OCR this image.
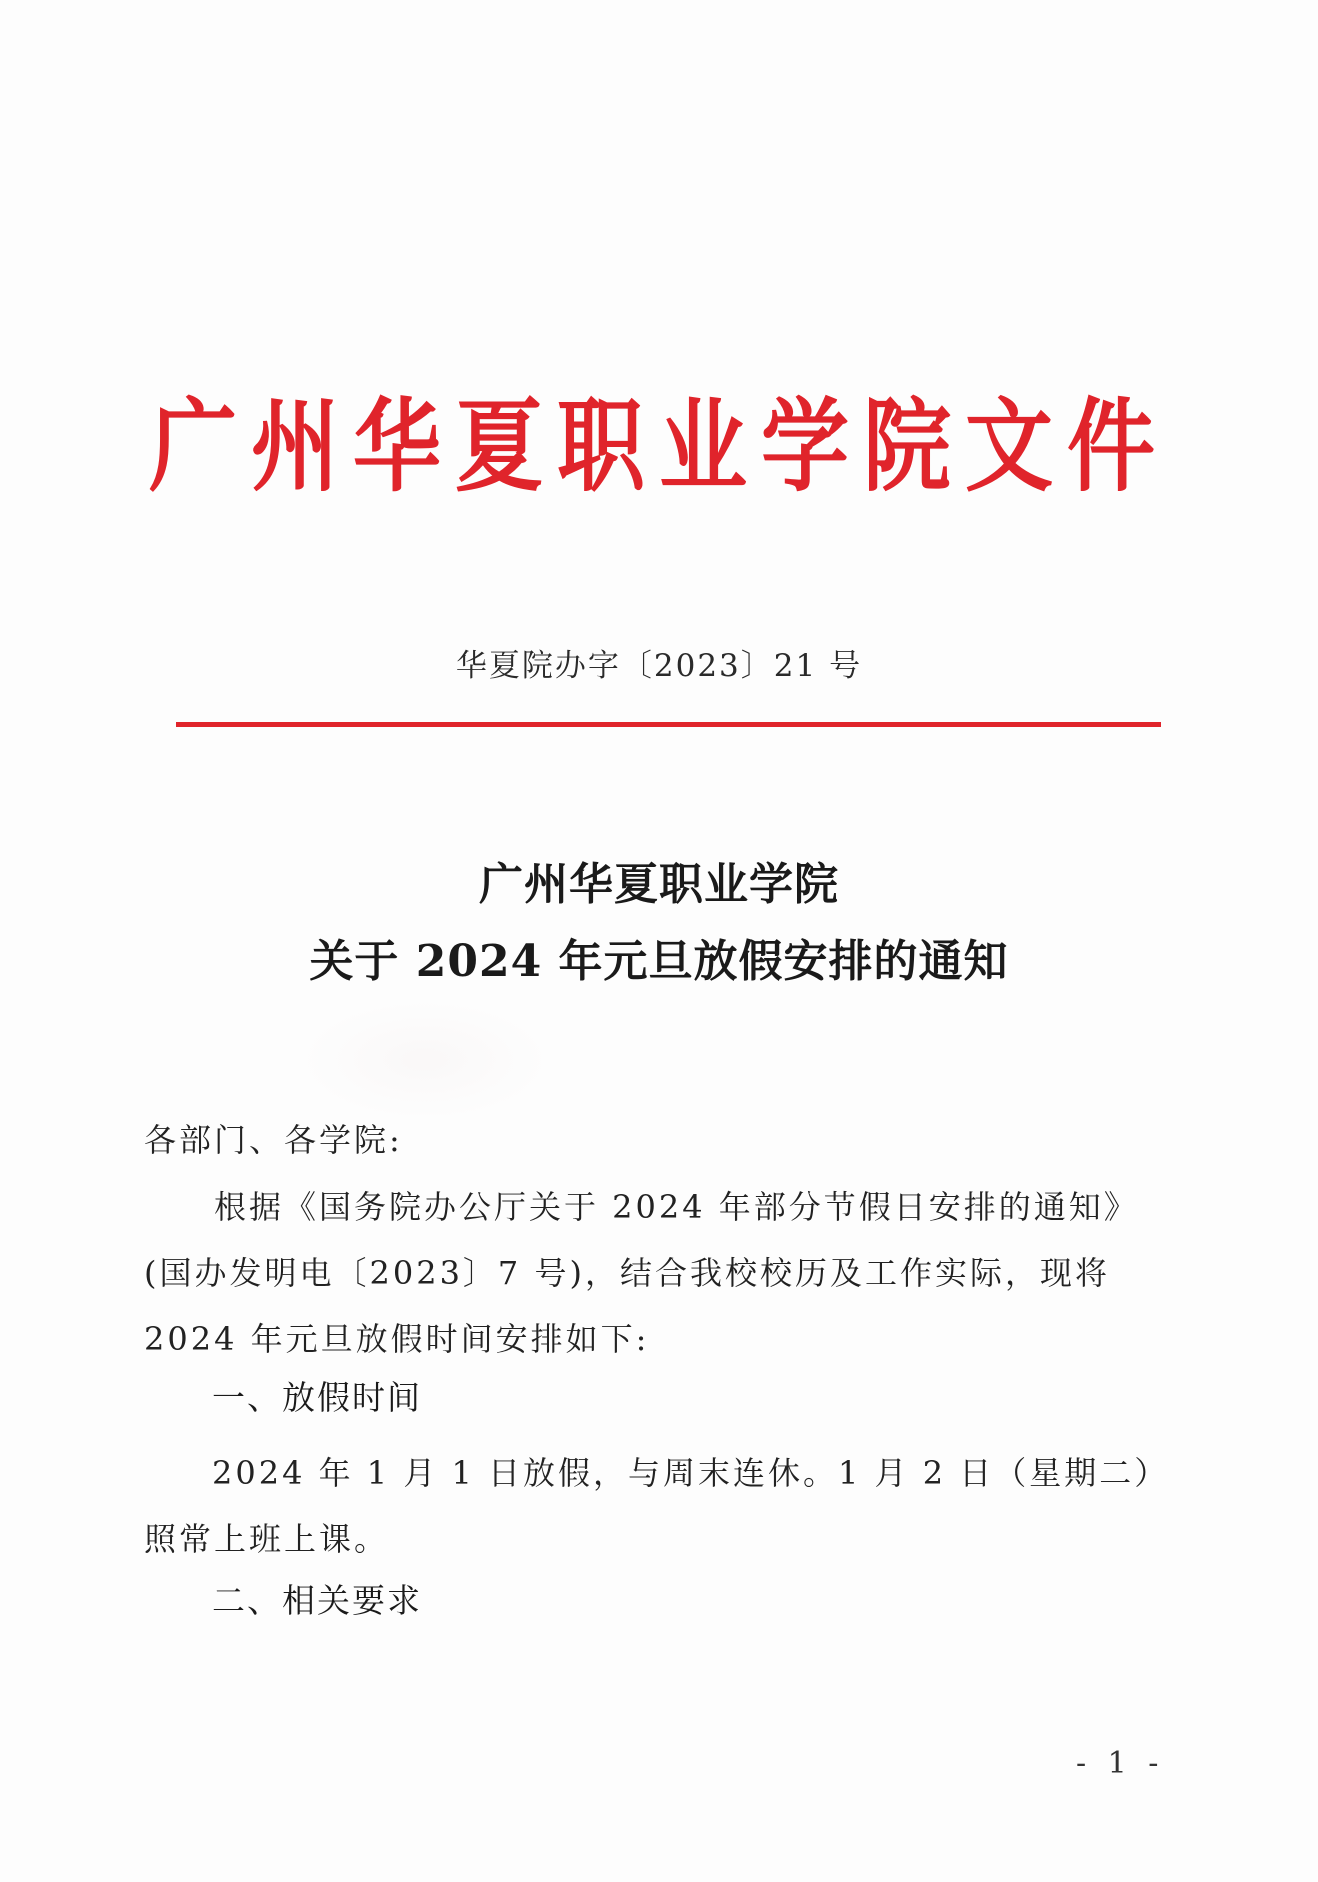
广州华夏职业学院文件
华夏院办字〔2023〕21 号
广州华夏职业学院
关于 2024 年元旦放假安排的通知
各部门、各学院:
根据《国务院办公厅关于 2024 年部分节假日安排的通知》(国办发明电〔2023〕7 号)，结合我校校历及工作实际，现将 2024 年元旦放假时间安排如下:
一、放假时间
2024 年 1 月 1 日放假，与周末连休。1 月 2 日（星期二）照常上班上课。
二、相关要求
- 1 -
